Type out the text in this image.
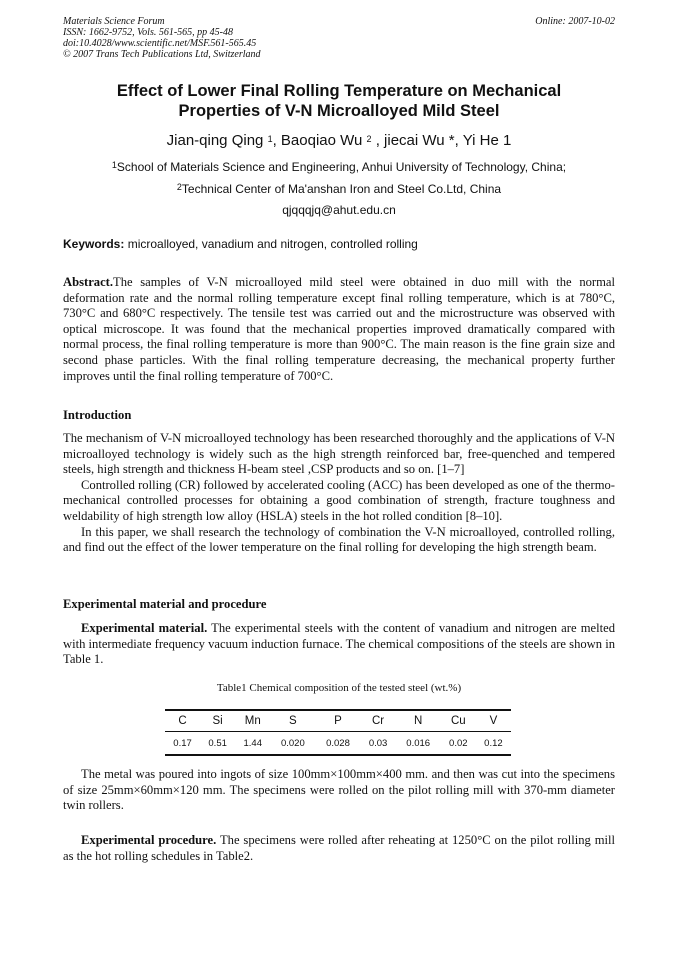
Materials Science Forum
ISSN: 1662-9752, Vols. 561-565, pp 45-48
doi:10.4028/www.scientific.net/MSF.561-565.45
© 2007 Trans Tech Publications Ltd, Switzerland
Online: 2007-10-02
Effect of Lower Final Rolling Temperature on Mechanical
Properties of V-N Microalloyed Mild Steel
Jian-qing Qing $^1$, Baoqiao Wu $^2$ , jiecai Wu *, Yi He 1
$^1$School of Materials Science and Engineering, Anhui University of Technology, China;
$^2$Technical Center of Ma'anshan Iron and Steel Co.Ltd, China
qjqqqjq@ahut.edu.cn
Keywords: microalloyed, vanadium and nitrogen, controlled rolling
Abstract.The samples of V-N microalloyed mild steel were obtained in duo mill with the normal deformation rate and the normal rolling temperature except final rolling temperature, which is at 780°C, 730°C and 680°C respectively. The tensile test was carried out and the microstructure was observed with optical microscope. It was found that the mechanical properties improved dramatically compared with normal process, the final rolling temperature is more than 900°C. The main reason is the fine grain size and second phase particles. With the final rolling temperature decreasing, the mechanical property further improves until the final rolling temperature of 700°C.
Introduction
The mechanism of V-N microalloyed technology has been researched thoroughly and the applications of V-N microalloyed technology is widely such as the high strength reinforced bar, free-quenched and tempered steels, high strength and thickness H-beam steel ,CSP products and so on. [1–7]
Controlled rolling (CR) followed by accelerated cooling (ACC) has been developed as one of the thermo-mechanical controlled processes for obtaining a good combination of strength, fracture toughness and weldability of high strength low alloy (HSLA) steels in the hot rolled condition [8–10].
In this paper, we shall research the technology of combination the V-N microalloyed, controlled rolling, and find out the effect of the lower temperature on the final rolling for developing the high strength beam.
Experimental material and procedure
Experimental material. The experimental steels with the content of vanadium and nitrogen are melted with intermediate frequency vacuum induction furnace. The chemical compositions of the steels are shown in Table 1.
Table1 Chemical composition of the tested steel (wt.%)
C	Si	Mn	S	P	Cr	N	Cu	V
0.17	0.51	1.44	0.020	0.028	0.03	0.016	0.02	0.12
The metal was poured into ingots of size 100mm×100mm×400 mm. and then was cut into the specimens of size 25mm×60mm×120 mm. The specimens were rolled on the pilot rolling mill with 370-mm diameter twin rollers.
Experimental procedure. The specimens were rolled after reheating at 1250°C on the pilot rolling mill as the hot rolling schedules in Table2.
